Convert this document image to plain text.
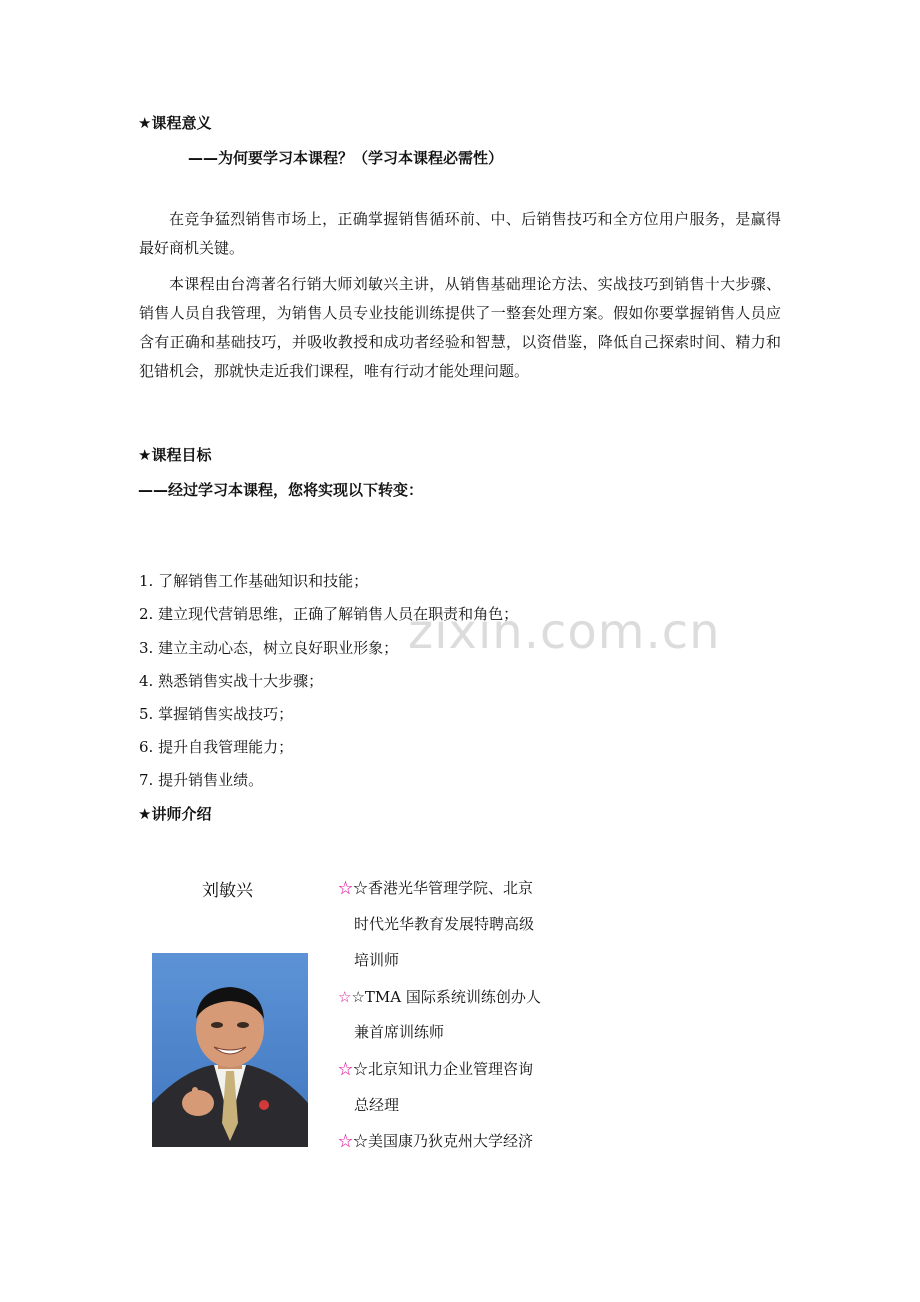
zixin.com.cn
★课程意义
——为何要学习本课程？（学习本课程必需性）
在竞争猛烈销售市场上，正确掌握销售循环前、中、后销售技巧和全方位用户服务，是赢得最好商机关键。
本课程由台湾著名行销大师刘敏兴主讲，从销售基础理论方法、实战技巧到销售十大步骤、销售人员自我管理，为销售人员专业技能训练提供了一整套处理方案。假如你要掌握销售人员应含有正确和基础技巧，并吸收教授和成功者经验和智慧，以资借鉴，降低自己探索时间、精力和犯错机会，那就快走近我们课程，唯有行动才能处理问题。
★课程目标
——经过学习本课程，您将实现以下转变：
1. 了解销售工作基础知识和技能；
2. 建立现代营销思维，正确了解销售人员在职责和角色；
3. 建立主动心态，树立良好职业形象；
4. 熟悉销售实战十大步骤；
5. 掌握销售实战技巧；
6. 提升自我管理能力；
7. 提升销售业绩。
★讲师介绍
刘敏兴	☆☆香港光华管理学院、北京
时代光华教育发展特聘高级
培训师
☆☆TMA 国际系统训练创办人
兼首席训练师
☆☆北京知讯力企业管理咨询
总经理
☆☆美国康乃狄克州大学经济
